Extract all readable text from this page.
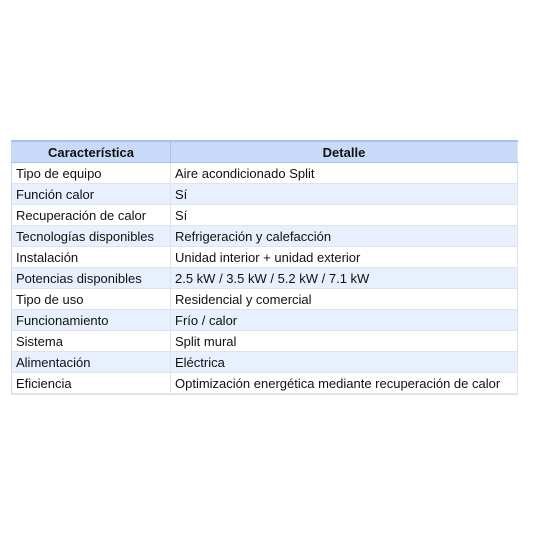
Característica	Detalle
Tipo de equipo	Aire acondicionado Split
Función calor	Sí
Recuperación de calor	Sí
Tecnologías disponibles	Refrigeración y calefacción
Instalación	Unidad interior + unidad exterior
Potencias disponibles	2.5 kW / 3.5 kW / 5.2 kW / 7.1 kW
Tipo de uso	Residencial y comercial
Funcionamiento	Frío / calor
Sistema	Split mural
Alimentación	Eléctrica
Eficiencia	Optimización energética mediante recuperación de calor
